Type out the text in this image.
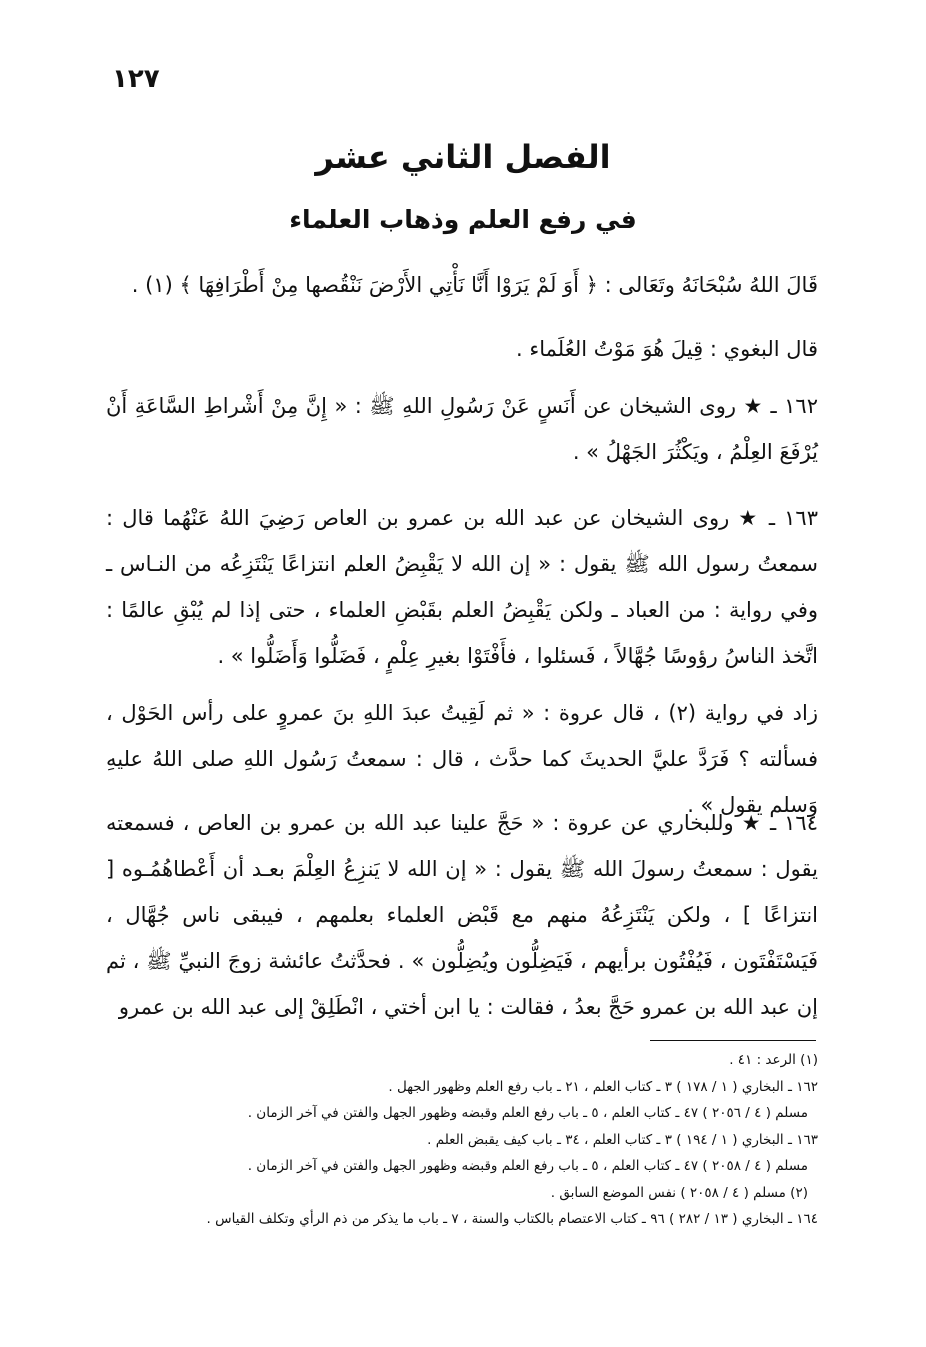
١٢٧
الفصل الثاني عشر
في رفع العلم وذهاب العلماء
قَالَ اللهُ سُبْحَانَهُ وتَعَالى : ﴿ أَوَ لَمْ يَرَوْا أَنَّا نَأْتِي الأَرْضَ نَنْقُصها مِنْ أَطْرَافِهَا ﴾ (١) .
قال البغوي : قِيلَ هُوَ مَوْتُ العُلَماء .
١٦٢ ـ ★ روى الشيخان عن أَنَسٍ عَنْ رَسُولِ اللهِ ﷺ : « إِنَّ مِنْ أَشْراطِ السَّاعَةِ أَنْ يُرْفَعَ العِلْمُ ، ويَكْثُرَ الجَهْلُ » .
١٦٣ ـ ★ روى الشيخان عن عبد الله بن عمرو بن العاص رَضِيَ اللهُ عَنْهُما قال : سمعتُ رسول الله ﷺ يقول : « إن الله لا يَقْبِضُ العلم انتزاعًا يَنْتَزِعُه من النـاس ـ وفي رواية : من العباد ـ ولكن يَقْبِضُ العلم بقَبْضِ العلماء ، حتى إذا لم يُبْقِ عالمًا : اتَّخذ الناسُ رؤوسًا جُهَّالاً ، فَسئلوا ، فأَفْتَوْا بغيرِ عِلْمٍ ، فَضَلُّوا وَأَضَلُّوا » .
زاد في رواية (٢) ، قال عروة : « ثم لَقِيتُ عبدَ اللهِ بنَ عمروٍ على رأس الحَوْل ، فسألته ؟ فَرَدَّ عليَّ الحديثَ كما حدَّث ، قال : سمعتُ رَسُول اللهِ صلى اللهُ عليهِ وَسلم يقول » .
١٦٤ ـ ★ وللبخاري عن عروة : « حَجَّ علينا عبد الله بن عمرو بن العاص ، فسمعته يقول : سمعتُ رسولَ الله ﷺ يقول : « إن الله لا يَنزِعُ العِلْمَ بعـد أن أَعْطاهُمُـوه [ انتزاعًا ] ، ولكن يَنْتَزِعُهُ منهم مع قَبْض العلماء بعلمهم ، فيبقى ناس جُهَّال ، فَيَسْتَفْتَون ، فَيُفْتُون برأيهم ، فَيَضِلُّون ويُضِلُّون » . فحدَّثتُ عائشة زوجَ النبيِّ ﷺ ، ثم إن عبد الله بن عمرو حَجَّ بعدُ ، فقالت : يا ابن أختي ، انْطَلِقْ إلى عبد الله بن عمرو
(١) الرعد : ٤١ .
١٦٢ ـ البخاري ( ١ / ١٧٨ ) ٣ ـ كتاب العلم ، ٢١ ـ باب رفع العلم وظهور الجهل .
مسلم ( ٤ / ٢٠٥٦ ) ٤٧ ـ كتاب العلم ، ٥ ـ باب رفع العلم وقبضه وظهور الجهل والفتن في آخر الزمان .
١٦٣ ـ البخاري ( ١ / ١٩٤ ) ٣ ـ كتاب العلم ، ٣٤ ـ باب كيف يقبض العلم .
مسلم ( ٤ / ٢٠٥٨ ) ٤٧ ـ كتاب العلم ، ٥ ـ باب رفع العلم وقبضه وظهور الجهل والفتن في آخر الزمان .
(٢) مسلم ( ٤ / ٢٠٥٨ ) نفس الموضع السابق .
١٦٤ ـ البخاري ( ١٣ / ٢٨٢ ) ٩٦ ـ كتاب الاعتصام بالكتاب والسنة ، ٧ ـ باب ما يذكر من ذم الرأي وتكلف القياس .
